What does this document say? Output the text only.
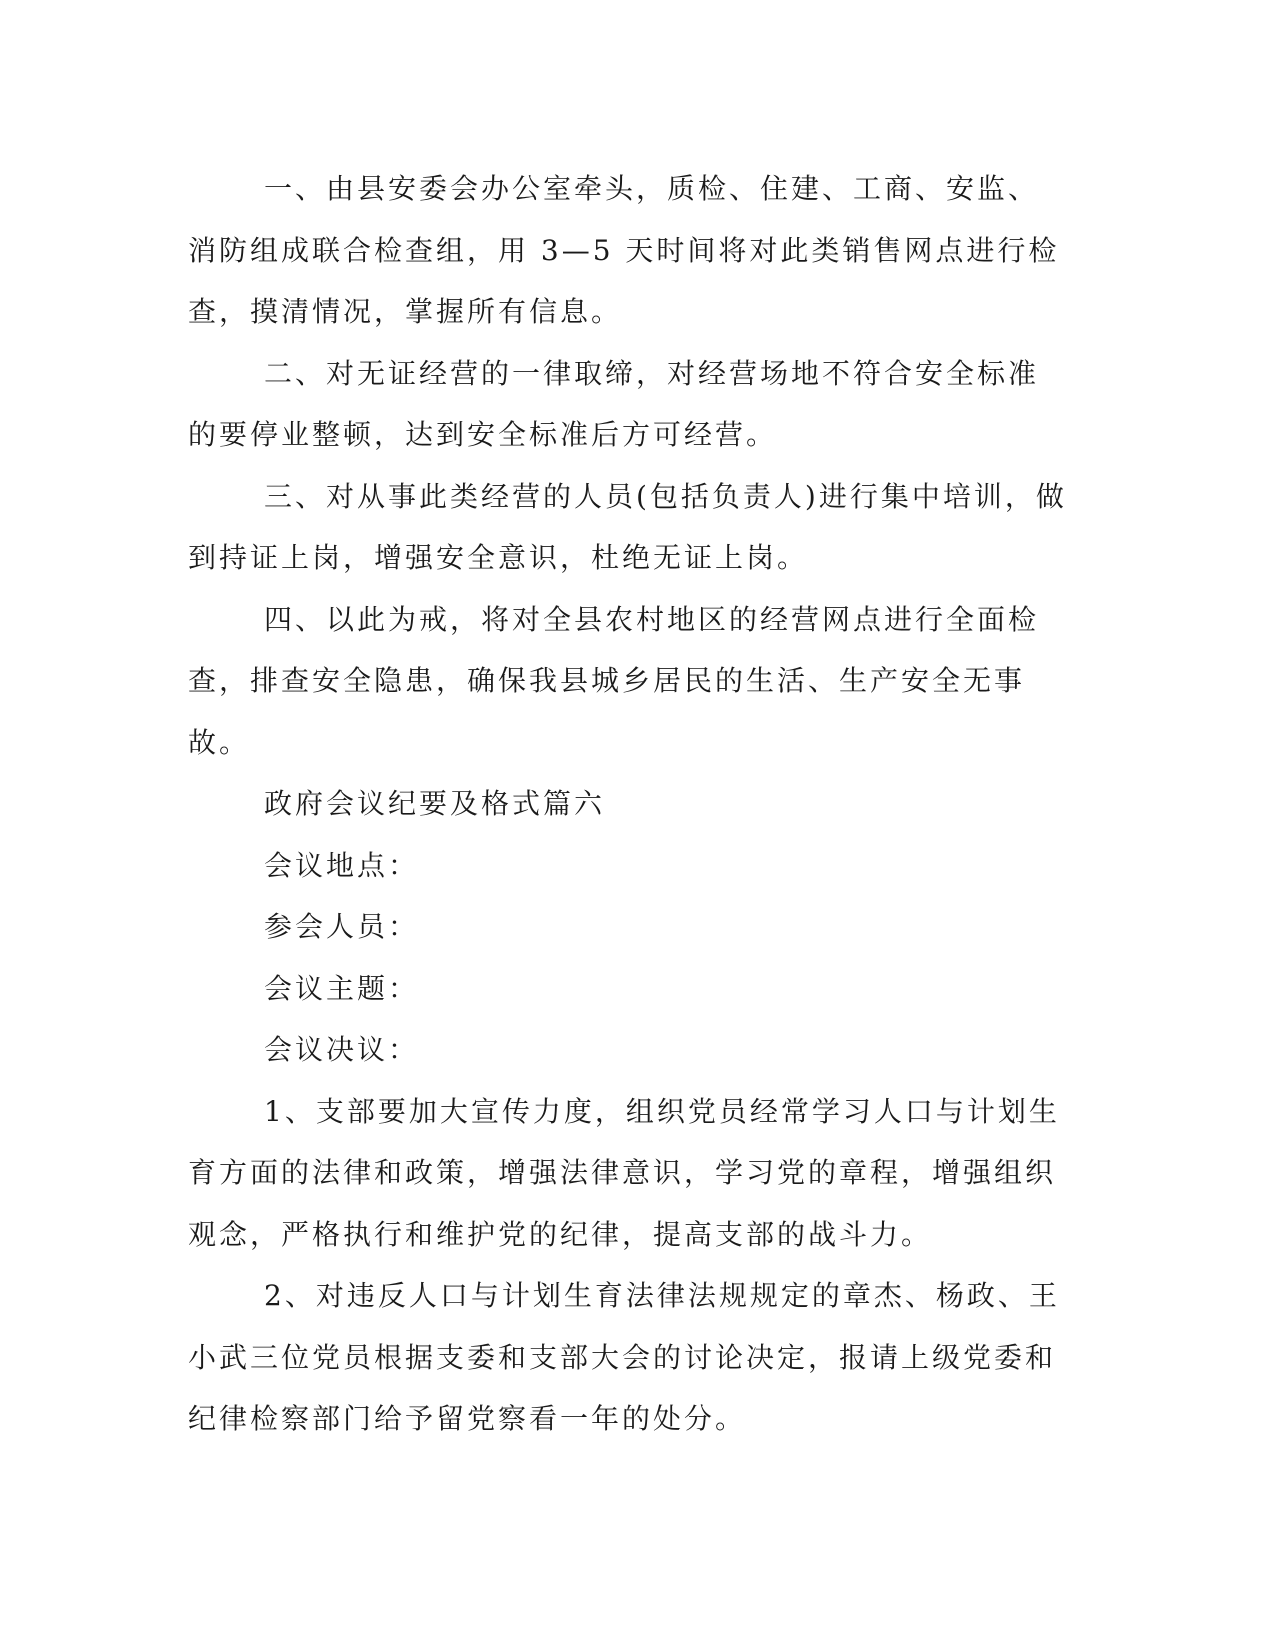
一、由县安委会办公室牵头，质检、住建、工商、安监、消防组成联合检查组，用 3—5 天时间将对此类销售网点进行检查，摸清情况，掌握所有信息。

二、对无证经营的一律取缔，对经营场地不符合安全标准的要停业整顿，达到安全标准后方可经营。

三、对从事此类经营的人员(包括负责人)进行集中培训，做到持证上岗，增强安全意识，杜绝无证上岗。

四、以此为戒，将对全县农村地区的经营网点进行全面检查，排查安全隐患，确保我县城乡居民的生活、生产安全无事故。

政府会议纪要及格式篇六

会议地点：

参会人员：

会议主题：

会议决议：

1、支部要加大宣传力度，组织党员经常学习人口与计划生育方面的法律和政策，增强法律意识，学习党的章程，增强组织观念，严格执行和维护党的纪律，提高支部的战斗力。

2、对违反人口与计划生育法律法规规定的章杰、杨政、王小武三位党员根据支委和支部大会的讨论决定，报请上级党委和纪律检察部门给予留党察看一年的处分。
